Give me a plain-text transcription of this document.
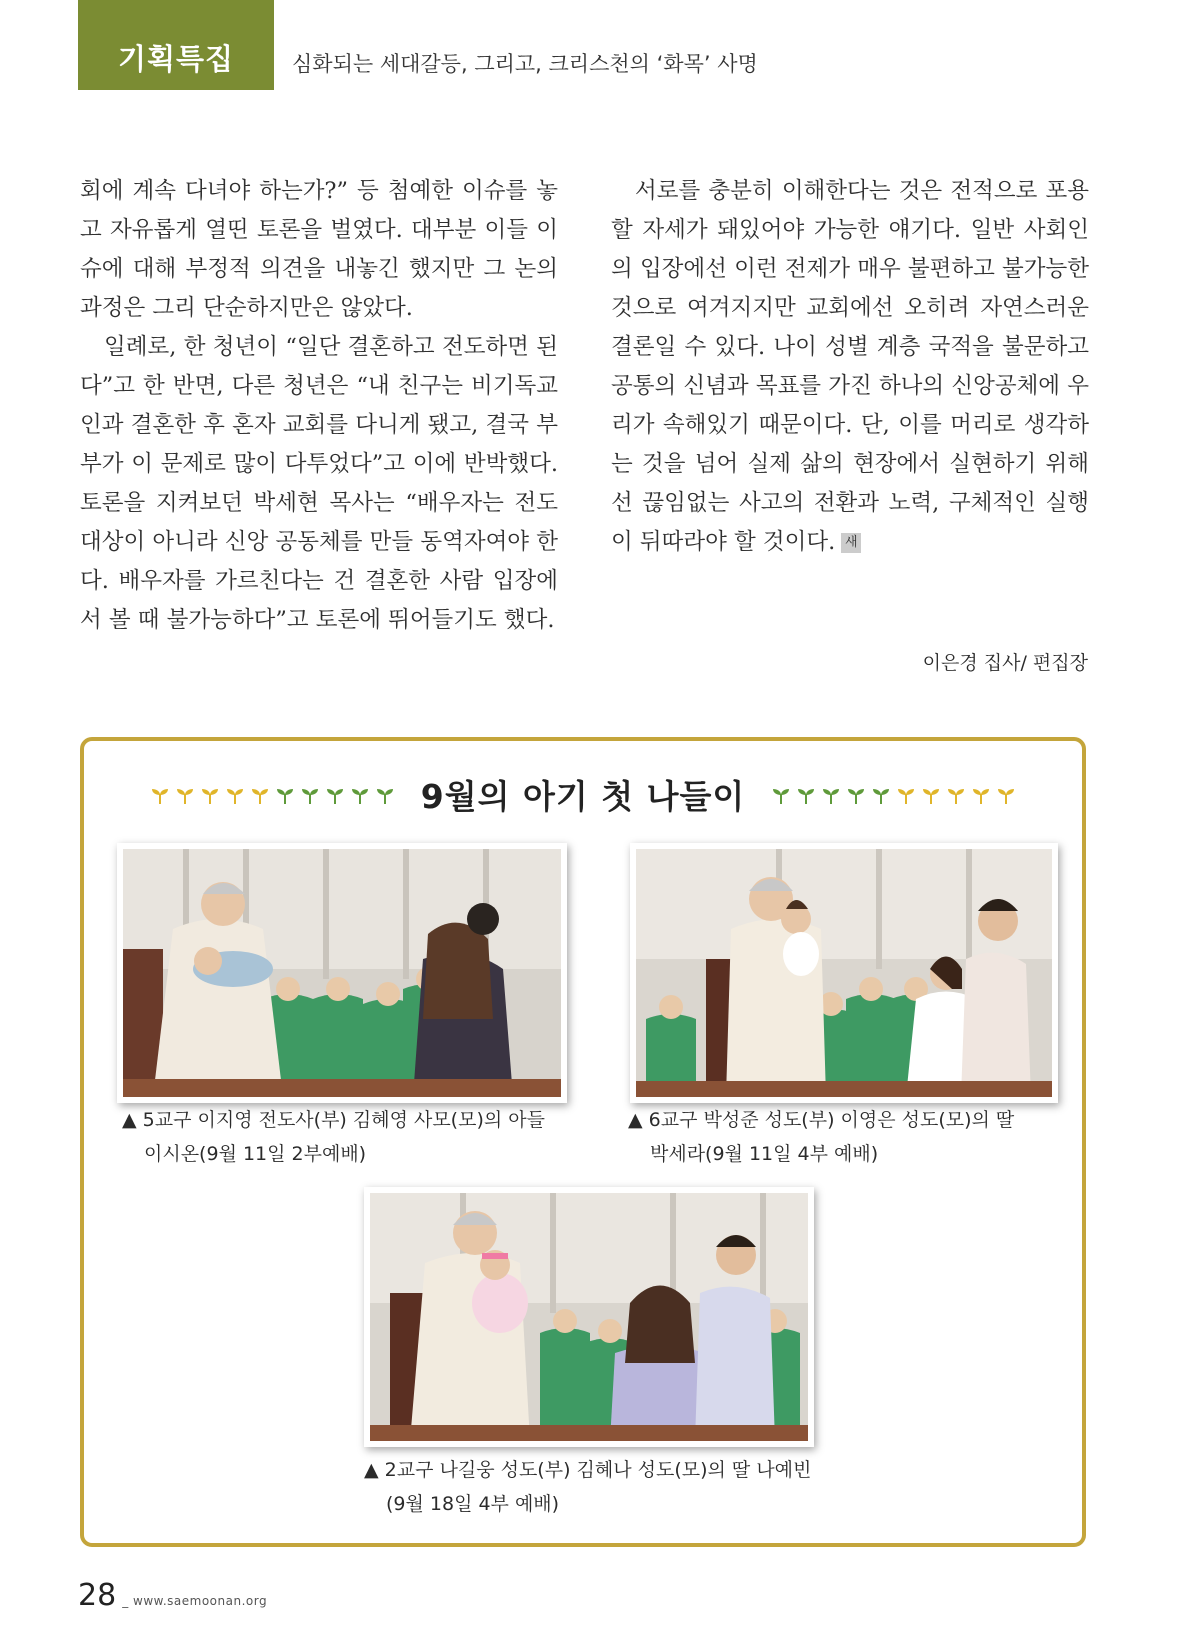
기획특집	심화되는 세대갈등, 그리고, 크리스천의 ‘화목’ 사명

회에 계속 다녀야 하는가?” 등 첨예한 이슈를 놓고 자유롭게 열띤 토론을 벌였다. 대부분 이들 이슈에 대해 부정적 의견을 내놓긴 했지만 그 논의 과정은 그리 단순하지만은 않았다.

일례로, 한 청년이 “일단 결혼하고 전도하면 된다”고 한 반면, 다른 청년은 “내 친구는 비기독교인과 결혼한 후 혼자 교회를 다니게 됐고, 결국 부부가 이 문제로 많이 다투었다”고 이에 반박했다. 토론을 지켜보던 박세현 목사는 “배우자는 전도 대상이 아니라 신앙 공동체를 만들 동역자여야 한다. 배우자를 가르친다는 건 결혼한 사람 입장에서 볼 때 불가능하다”고 토론에 뛰어들기도 했다.

서로를 충분히 이해한다는 것은 전적으로 포용할 자세가 돼있어야 가능한 얘기다. 일반 사회인의 입장에선 이런 전제가 매우 불편하고 불가능한 것으로 여겨지지만 교회에선 오히려 자연스러운 결론일 수 있다. 나이 성별 계층 국적을 불문하고 공통의 신념과 목표를 가진 하나의 신앙공체에 우리가 속해있기 때문이다. 단, 이를 머리로 생각하는 것을 넘어 실제 삶의 현장에서 실현하기 위해선 끊임없는 사고의 전환과 노력, 구체적인 실행이 뒤따라야 할 것이다. 새

이은경 집사/ 편집장
9월의 아기 첫 나들이
▲ 5교구 이지영 전도사(부) 김혜영 사모(모)의 아들
이시온(9월 11일 2부예배)
▲ 6교구 박성준 성도(부) 이영은 성도(모)의 딸
박세라(9월 11일 4부 예배)
▲ 2교구 나길웅 성도(부) 김혜나 성도(모)의 딸 나예빈
(9월 18일 4부 예배)
28 _ www.saemoonan.org
